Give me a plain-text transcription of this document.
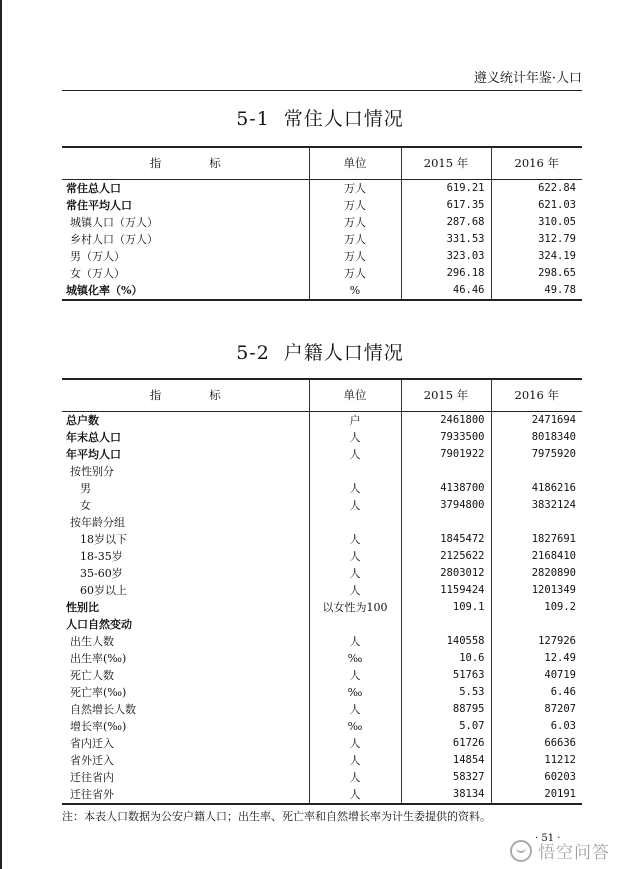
遵义统计年鉴·人口
5-1 常住人口情况
指 标	单位	2015 年	2016 年
常住总人口	万人	619.21	622.84
常住平均人口	万人	617.35	621.03
城镇人口（万人）	万人	287.68	310.05
乡村人口（万人）	万人	331.53	312.79
男（万人）	万人	323.03	324.19
女（万人）	万人	296.18	298.65
城镇化率（%）	%	46.46	49.78
5-2 户籍人口情况
指 标	单位	2015 年	2016 年
总户数	户	2461800	2471694
年末总人口	人	7933500	8018340
年平均人口	人	7901922	7975920
按性别分			
男	人	4138700	4186216
女	人	3794800	3832124
按年龄分组			
18岁以下	人	1845472	1827691
18-35岁	人	2125622	2168410
35-60岁	人	2803012	2820890
60岁以上	人	1159424	1201349
性别比	以女性为100	109.1	109.2
人口自然变动			
出生人数	人	140558	127926
出生率(‰)	‰	10.6	12.49
死亡人数	人	51763	40719
死亡率(‰)	‰	5.53	6.46
自然增长人数	人	88795	87207
增长率(‰)	‰	5.07	6.03
省内迁入	人	61726	66636
省外迁入	人	14854	11212
迁往省内	人	58327	60203
迁往省外	人	38134	20191
注：本表人口数据为公安户籍人口；出生率、死亡率和自然增长率为计生委提供的资料。
· 51 ·
悟空问答
